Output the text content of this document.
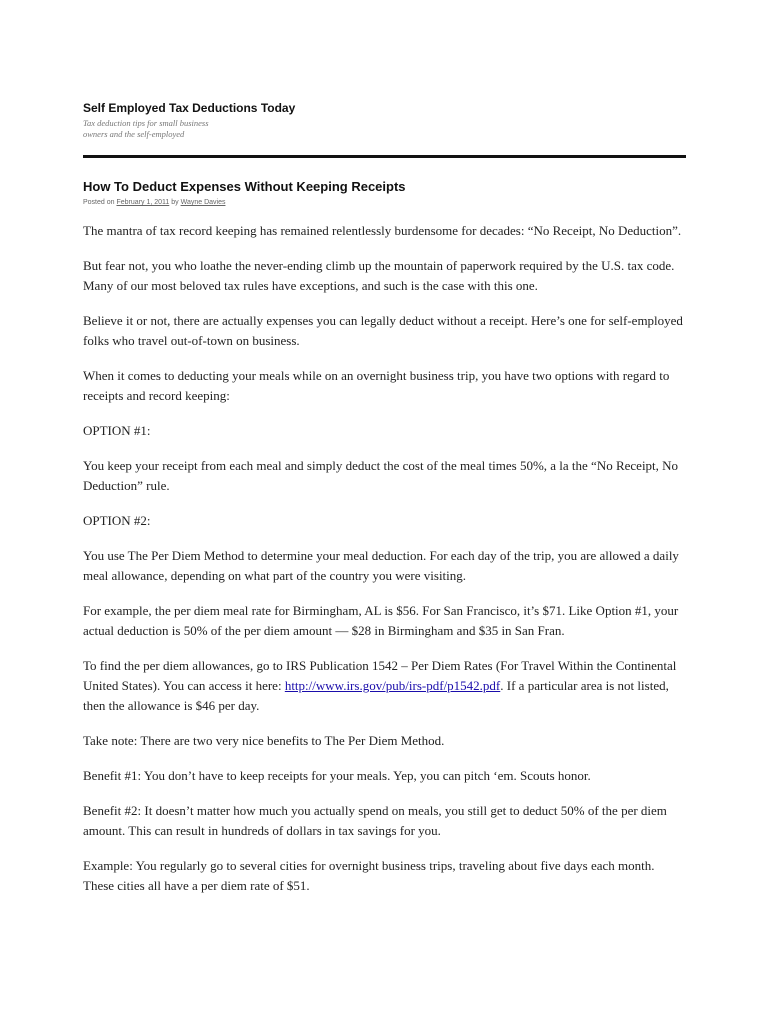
Self Employed Tax Deductions Today
Tax deduction tips for small business
owners and the self-employed
How To Deduct Expenses Without Keeping Receipts
Posted on February 1, 2011 by Wayne Davies

The mantra of tax record keeping has remained relentlessly burdensome for decades: “No Receipt, No Deduction”.

But fear not, you who loathe the never-ending climb up the mountain of paperwork required by the U.S. tax code. Many of our most beloved tax rules have exceptions, and such is the case with this one.

Believe it or not, there are actually expenses you can legally deduct without a receipt. Here’s one for self-employed folks who travel out-of-town on business.

When it comes to deducting your meals while on an overnight business trip, you have two options with regard to receipts and record keeping:

OPTION #1:

You keep your receipt from each meal and simply deduct the cost of the meal times 50%, a la the “No Receipt, No Deduction” rule.

OPTION #2:

You use The Per Diem Method to determine your meal deduction. For each day of the trip, you are allowed a daily meal allowance, depending on what part of the country you were visiting.

For example, the per diem meal rate for Birmingham, AL is $56. For San Francisco, it’s $71. Like Option #1, your actual deduction is 50% of the per diem amount — $28 in Birmingham and $35 in San Fran.

To find the per diem allowances, go to IRS Publication 1542 – Per Diem Rates (For Travel Within the Continental United States). You can access it here: http://www.irs.gov/pub/irs-pdf/p1542.pdf. If a particular area is not listed, then the allowance is $46 per day.

Take note: There are two very nice benefits to The Per Diem Method.

Benefit #1: You don’t have to keep receipts for your meals. Yep, you can pitch ‘em. Scouts honor.

Benefit #2: It doesn’t matter how much you actually spend on meals, you still get to deduct 50% of the per diem amount. This can result in hundreds of dollars in tax savings for you.

Example: You regularly go to several cities for overnight business trips, traveling about five days each month. These cities all have a per diem rate of $51.
